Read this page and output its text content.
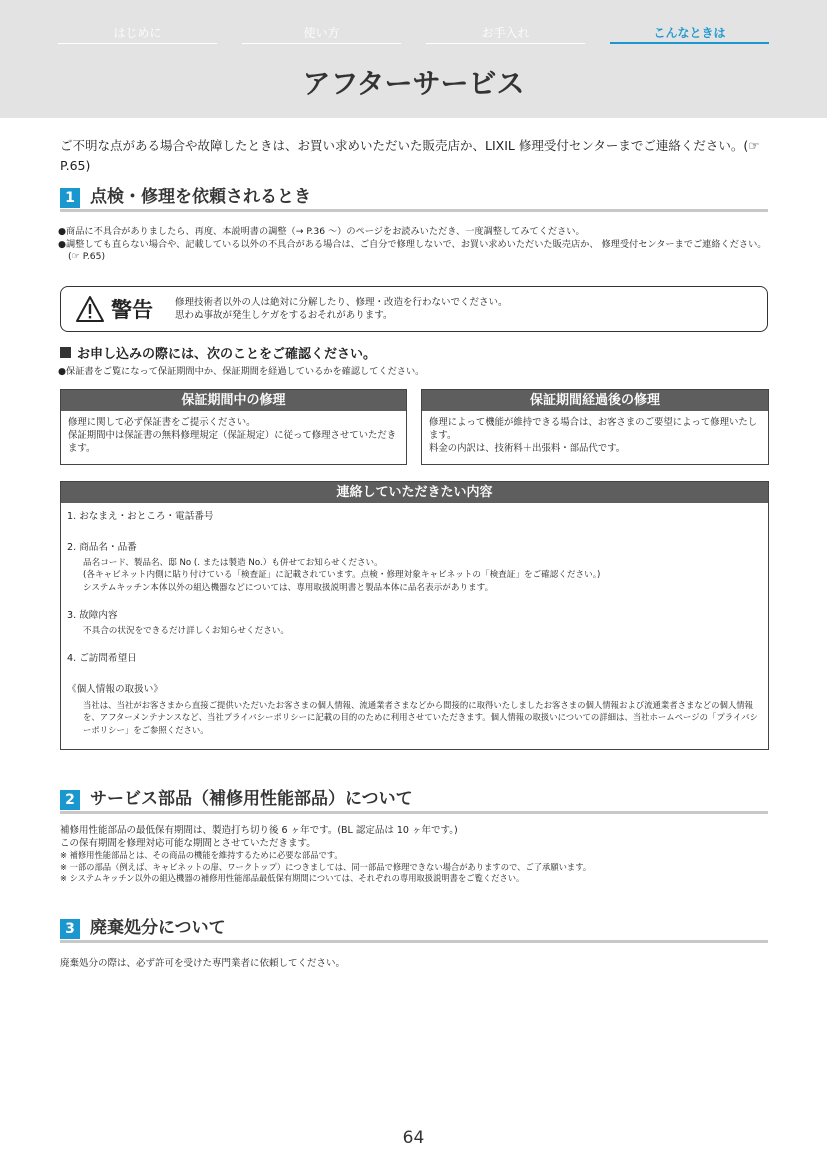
はじめに	使い方	お手入れ	こんなときは
アフターサービス
ご不明な点がある場合や故障したときは、お買い求めいただいた販売店か、LIXIL 修理受付センターまでご連絡ください。(☞ P.65)
1 点検・修理を依頼されるとき

●商品に不具合がありましたら、再度、本説明書の調整（→ P.36 ～）のページをお読みいただき、一度調整してみてください。

●調整しても直らない場合や、記載している以外の不具合がある場合は、ご自分で修理しないで、お買い求めいただいた販売店か、 修理受付センターまでご連絡ください。(☞ P.65)

警告	修理技術者以外の人は絶対に分解したり、修理・改造を行わないでください。
思わぬ事故が発生しケガをするおそれがあります。
お申し込みの際には、次のことをご確認ください。

●保証書をご覧になって保証期間中か、保証期間を経過しているかを確認してください。

保証期間中の修理
修理に関して必ず保証書をご提示ください。
保証期間中は保証書の無料修理規定（保証規定）に従って修理させていただきます。
保証期間経過後の修理
修理によって機能が維持できる場合は、お客さまのご要望によって修理いたします。
料金の内訳は、技術料＋出張料・部品代です。
連絡していただきたい内容
1. おなまえ・おところ・電話番号
2. 商品名・品番
品名コード、製品名、邸 No (. または製造 No.）も併せてお知らせください。
(各キャビネット内側に貼り付けている「検査証」に記載されています。点検・修理対象キャビネットの「検査証」をご確認ください。)
システムキッチン本体以外の組込機器などについては、専用取扱説明書と製品本体に品名表示があります。
3. 故障内容
不具合の状況をできるだけ詳しくお知らせください。
4. ご訪問希望日
《個人情報の取扱い》
当社は、当社がお客さまから直接ご提供いただいたお客さまの個人情報、流通業者さまなどから間接的に取得いたしましたお客さまの個人情報および流通業者さまなどの個人情報を、アフターメンテナンスなど、当社プライバシーポリシーに記載の目的のために利用させていただきます。個人情報の取扱いについての詳細は、当社ホームページの「プライバシーポリシー」をご参照ください。
2 サービス部品（補修用性能部品）について
補修用性能部品の最低保有期間は、製造打ち切り後 6 ヶ年です。(BL 認定品は 10 ヶ年です。)
この保有期間を修理対応可能な期間とさせていただきます。
※ 補修用性能部品とは、その商品の機能を維持するために必要な部品です。
※ 一部の部品（例えば、キャビネットの扉、ワークトップ）につきましては、同一部品で修理できない場合がありますので、ご了承願います。
※ システムキッチン以外の組込機器の補修用性能部品最低保有期間については、それぞれの専用取扱説明書をご覧ください。
3 廃棄処分について
廃棄処分の際は、必ず許可を受けた専門業者に依頼してください。
64
